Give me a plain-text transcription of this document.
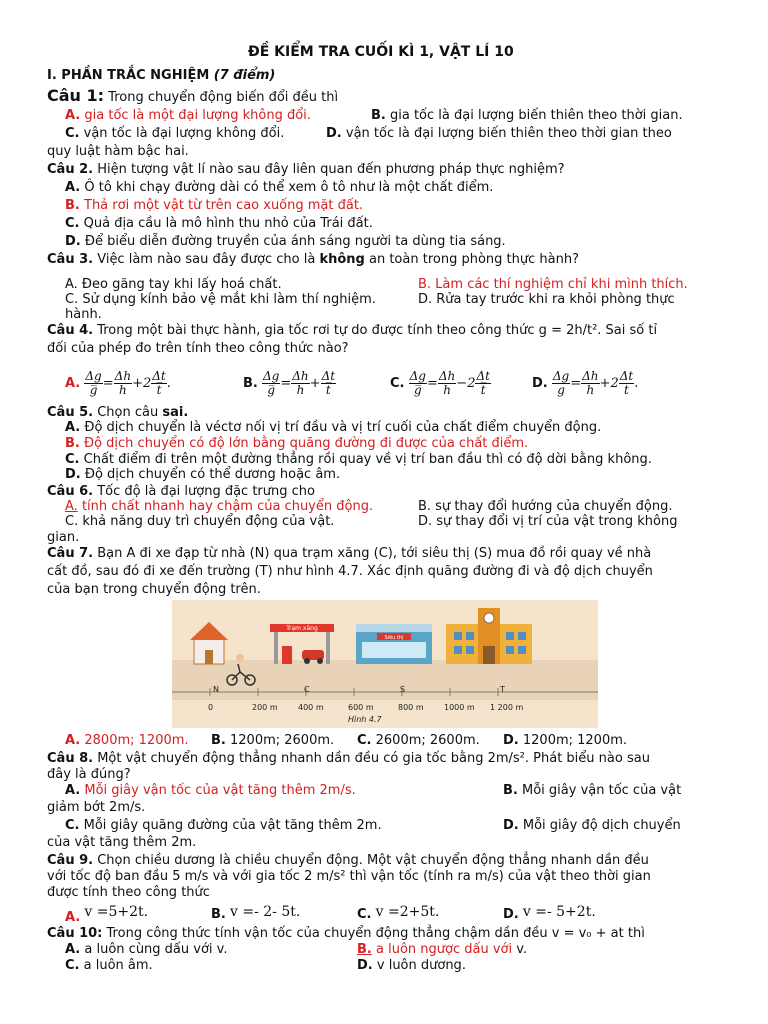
ĐỀ KIỂM TRA CUỐI KÌ 1, VẬT LÍ 10
I. PHẦN TRẮC NGHIỆM (7 điểm)
Câu 1: Trong chuyển động biến đổi đều thì
A. gia tốc là một đại lượng không đổi.	B. gia tốc là đại lượng biến thiên theo thời gian.
C. vận tốc là đại lượng không đổi.	D. vận tốc là đại lượng biến thiên theo thời gian theo
quy luật hàm bậc hai.
Câu 2. Hiện tượng vật lí nào sau đây liên quan đến phương pháp thực nghiệm?
A. Ô tô khi chạy đường dài có thể xem ô tô như là một chất điểm.
B. Thả rơi một vật từ trên cao xuống mặt đất.
C. Quả địa cầu là mô hình thu nhỏ của Trái đất.
D. Để biểu diễn đường truyền của ánh sáng người ta dùng tia sáng.
Câu 3. Việc làm nào sau đây được cho là không an toàn trong phòng thực hành?
A. Đeo găng tay khi lấy hoá chất.	B. Làm các thí nghiệm chỉ khi mình thích.
C. Sử dụng kính bảo vệ mắt khi làm thí nghiệm.	D. Rửa tay trước khi ra khỏi phòng thực
hành.
Câu 4. Trong một bài thực hành, gia tốc rơi tự do được tính theo công thức g = 2h/t². Sai số tỉ
đối của phép đo trên tính theo công thức nào?
A. $\frac{\Delta g}{g̅} = \frac{\Delta h}{h} +2 \frac{\Delta t}{t̅}$ .	B. $\frac{\Delta g}{g̅} = \frac{\Delta h}{h} + \frac{\Delta t}{t̅}$	C. $\frac{\Delta g}{g̅} = \frac{\Delta h}{h} -2 \frac{\Delta t}{t̅}$	D. $\frac{\Delta g}{g} = \frac{\Delta h}{h} +2 \frac{\Delta t}{t}$ .
Câu 5. Chọn câu sai.
A. Độ dịch chuyển là véctơ nối vị trí đầu và vị trí cuối của chất điểm chuyển động.
B. Độ dịch chuyển có độ lớn bằng quãng đường đi được của chất điểm.
C. Chất điểm đi trên một đường thẳng rồi quay về vị trí ban đầu thì có độ dời bằng không.
D. Độ dịch chuyển có thể dương hoặc âm.
Câu 6. Tốc độ là đại lượng đặc trưng cho
A. tính chất nhanh hay chậm của chuyển động.	B. sự thay đổi hướng của chuyển động.
C. khả năng duy trì chuyển động của vật.	D. sự thay đổi vị trí của vật trong không
gian.
Câu 7. Bạn A đi xe đạp từ nhà (N) qua trạm xăng (C), tới siêu thị (S) mua đồ rồi quay về nhà
cất đồ, sau đó đi xe đến trường (T) như hình 4.7. Xác định quãng đường đi và độ dịch chuyển
của bạn trong chuyển động trên.
Trạm xăng
Siêu thị
N	C	S	T
0	200 m	400 m	600 m	800 m	1000 m 1 200 m
Hình 4.7
A. 2800m; 1200m. B. 1200m; 2600m. C. 2600m; 2600m. D. 1200m; 1200m.
Câu 8. Một vật chuyển động thẳng nhanh dần đều có gia tốc bằng 2m/s². Phát biểu nào sau
đây là đúng?
A. Mỗi giây vận tốc của vật tăng thêm 2m/s.	B. Mỗi giây vận tốc của vật
giảm bớt 2m/s.
C. Mỗi giây quãng đường của vật tăng thêm 2m.	D. Mỗi giây độ dịch chuyển
của vật tăng thêm 2m.
Câu 9. Chọn chiều dương là chiều chuyển động. Một vật chuyển động thẳng nhanh dần đều
với tốc độ ban đầu 5 m/s và với gia tốc 2 m/s² thì vận tốc (tính ra m/s) của vật theo thời gian
được tính theo công thức
A. v =5+2t.	B. v =- 2- 5t.	C. v =2+5t.	D. v =- 5+2t.
Câu 10: Trong công thức tính vận tốc của chuyển động thẳng chậm dần đều v = v₀ + at thì
A. a luôn cùng dấu với v.	B. a luôn ngược dấu với v.
C. a luôn âm.	D. v luôn dương.
